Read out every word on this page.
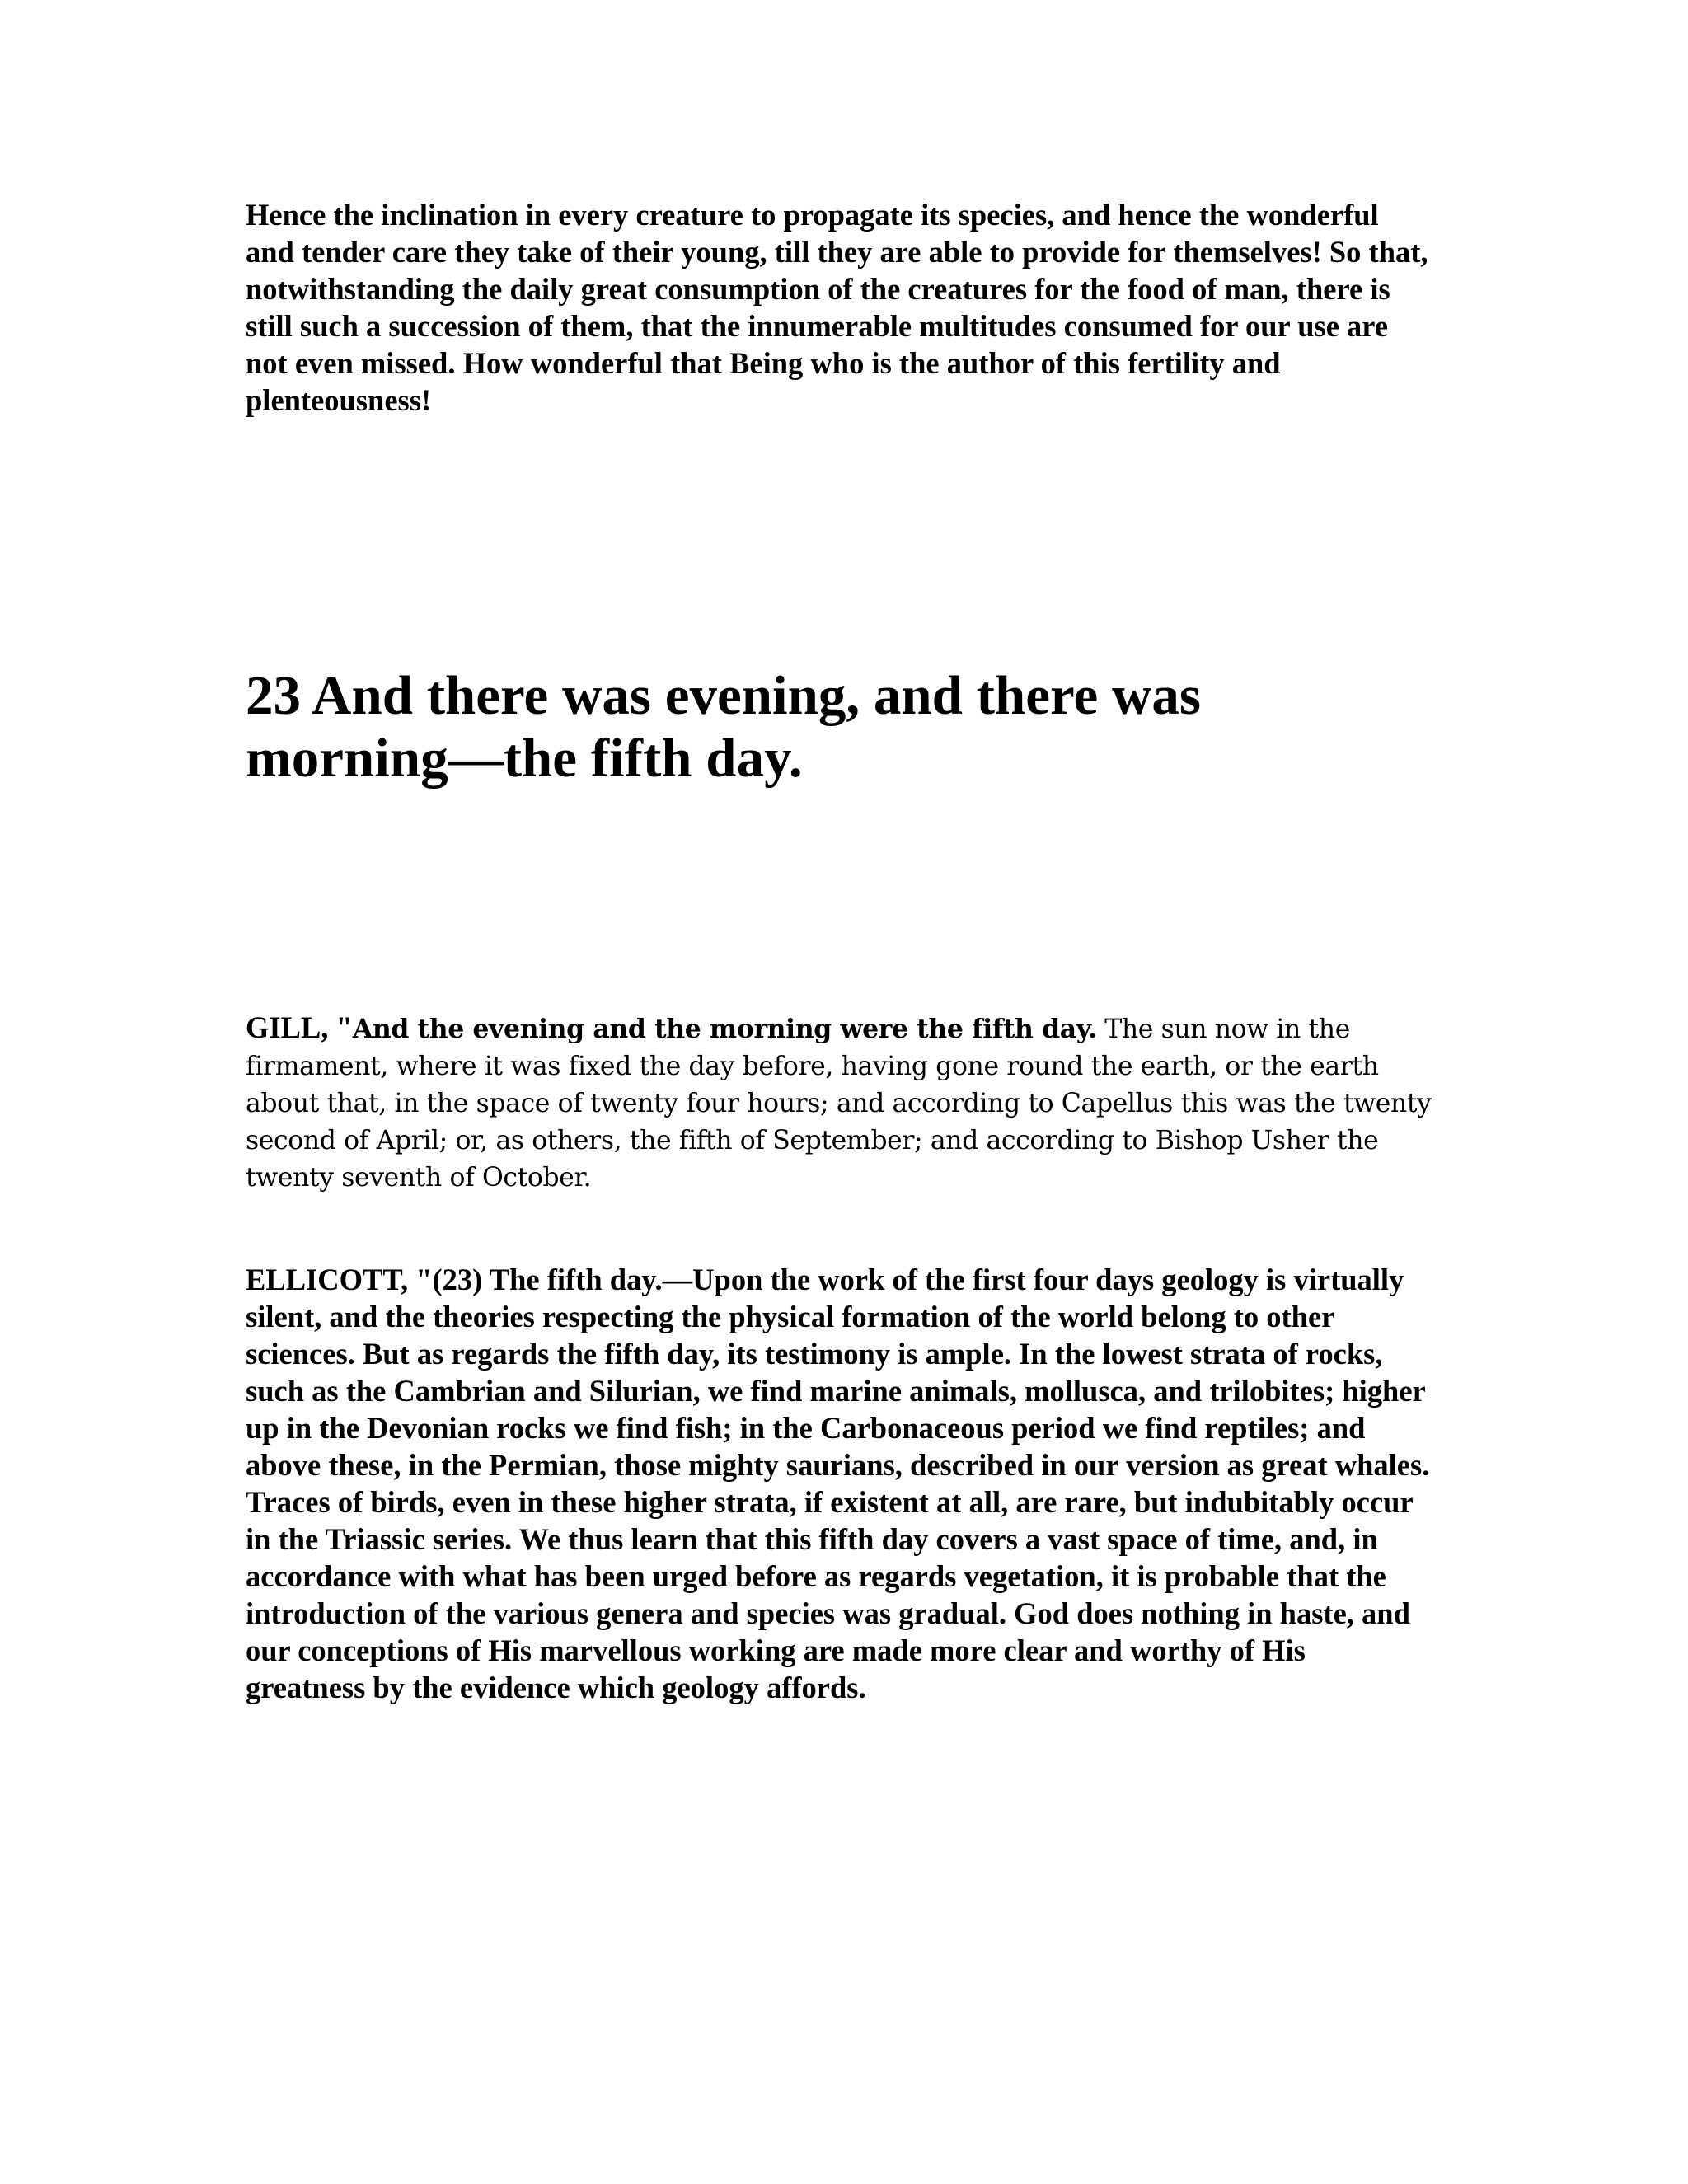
Hence the inclination in every creature to propagate its species, and hence the wonderful and tender care they take of their young, till they are able to provide for themselves! So that, notwithstanding the daily great consumption of the creatures for the food of man, there is still such a succession of them, that the innumerable multitudes consumed for our use are not even missed. How wonderful that Being who is the author of this fertility and plenteousness!

23 And there was evening, and there was morning—the fifth day.

GILL, "And the evening and the morning were the fifth day. The sun now in the firmament, where it was fixed the day before, having gone round the earth, or the earth about that, in the space of twenty four hours; and according to Capellus this was the twenty second of April; or, as others, the fifth of September; and according to Bishop Usher the twenty seventh of October.

ELLICOTT, "(23) The fifth day.—Upon the work of the first four days geology is virtually silent, and the theories respecting the physical formation of the world belong to other sciences. But as regards the fifth day, its testimony is ample. In the lowest strata of rocks, such as the Cambrian and Silurian, we find marine animals, mollusca, and trilobites; higher up in the Devonian rocks we find fish; in the Carbonaceous period we find reptiles; and above these, in the Permian, those mighty saurians, described in our version as great whales. Traces of birds, even in these higher strata, if existent at all, are rare, but indubitably occur in the Triassic series. We thus learn that this fifth day covers a vast space of time, and, in accordance with what has been urged before as regards vegetation, it is probable that the introduction of the various genera and species was gradual. God does nothing in haste, and our conceptions of His marvellous working are made more clear and worthy of His greatness by the evidence which geology affords.
